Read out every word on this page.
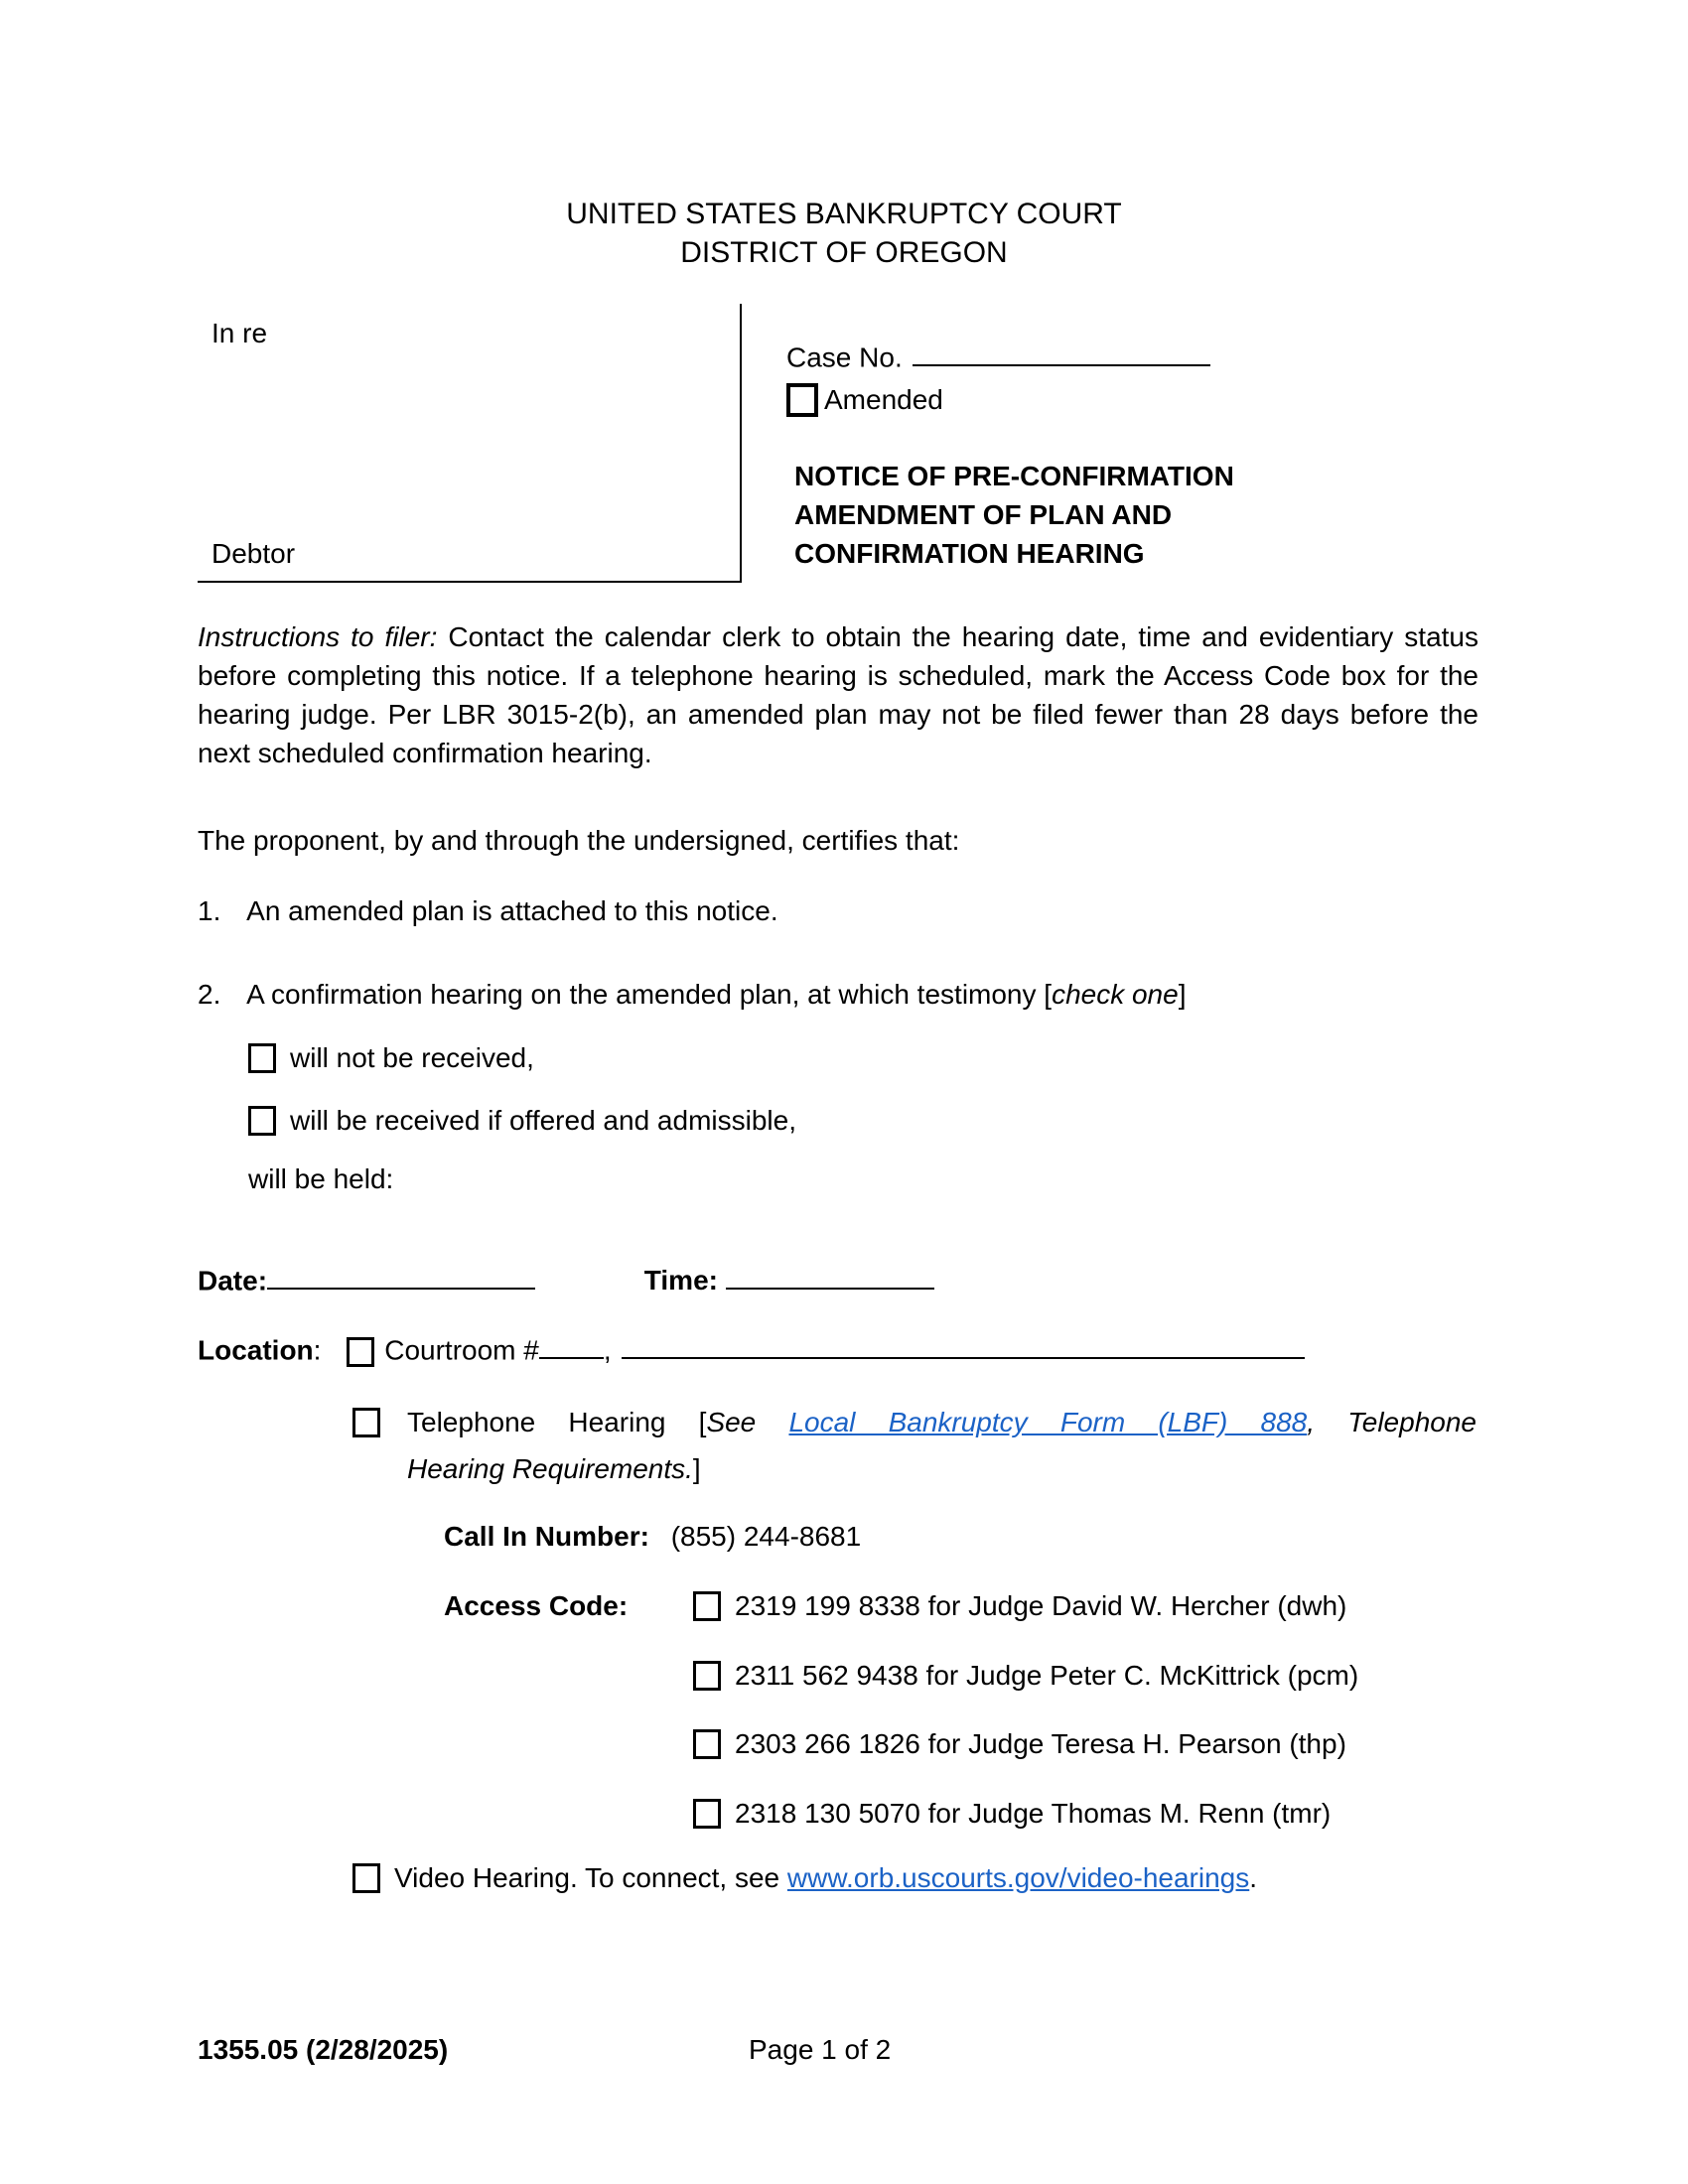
UNITED STATES BANKRUPTCY COURT
DISTRICT OF OREGON
In re
Debtor
Case No.
Amended
NOTICE OF PRE-CONFIRMATION
AMENDMENT OF PLAN AND
CONFIRMATION HEARING

Instructions to filer: Contact the calendar clerk to obtain the hearing date, time and evidentiary status before completing this notice. If a telephone hearing is scheduled, mark the Access Code box for the hearing judge. Per LBR 3015-2(b), an amended plan may not be filed fewer than 28 days before the next scheduled confirmation hearing.

The proponent, by and through the undersigned, certifies that:
1. An amended plan is attached to this notice.
2. A confirmation hearing on the amended plan, at which testimony [check one]
will not be received,
will be received if offered and admissible,
will be held:
Date:	Time:
Location: Courtroom # ,
Telephone Hearing [See Local Bankruptcy Form (LBF) 888, Telephone
Hearing Requirements.]
Call In Number: (855) 244-8681
Access Code:	2319 199 8338 for Judge David W. Hercher (dwh)
2311 562 9438 for Judge Peter C. McKittrick (pcm)
2303 266 1826 for Judge Teresa H. Pearson (thp)
2318 130 5070 for Judge Thomas M. Renn (tmr)
Video Hearing. To connect, see www.orb.uscourts.gov/video-hearings.
1355.05 (2/28/2025)	Page 1 of 2
